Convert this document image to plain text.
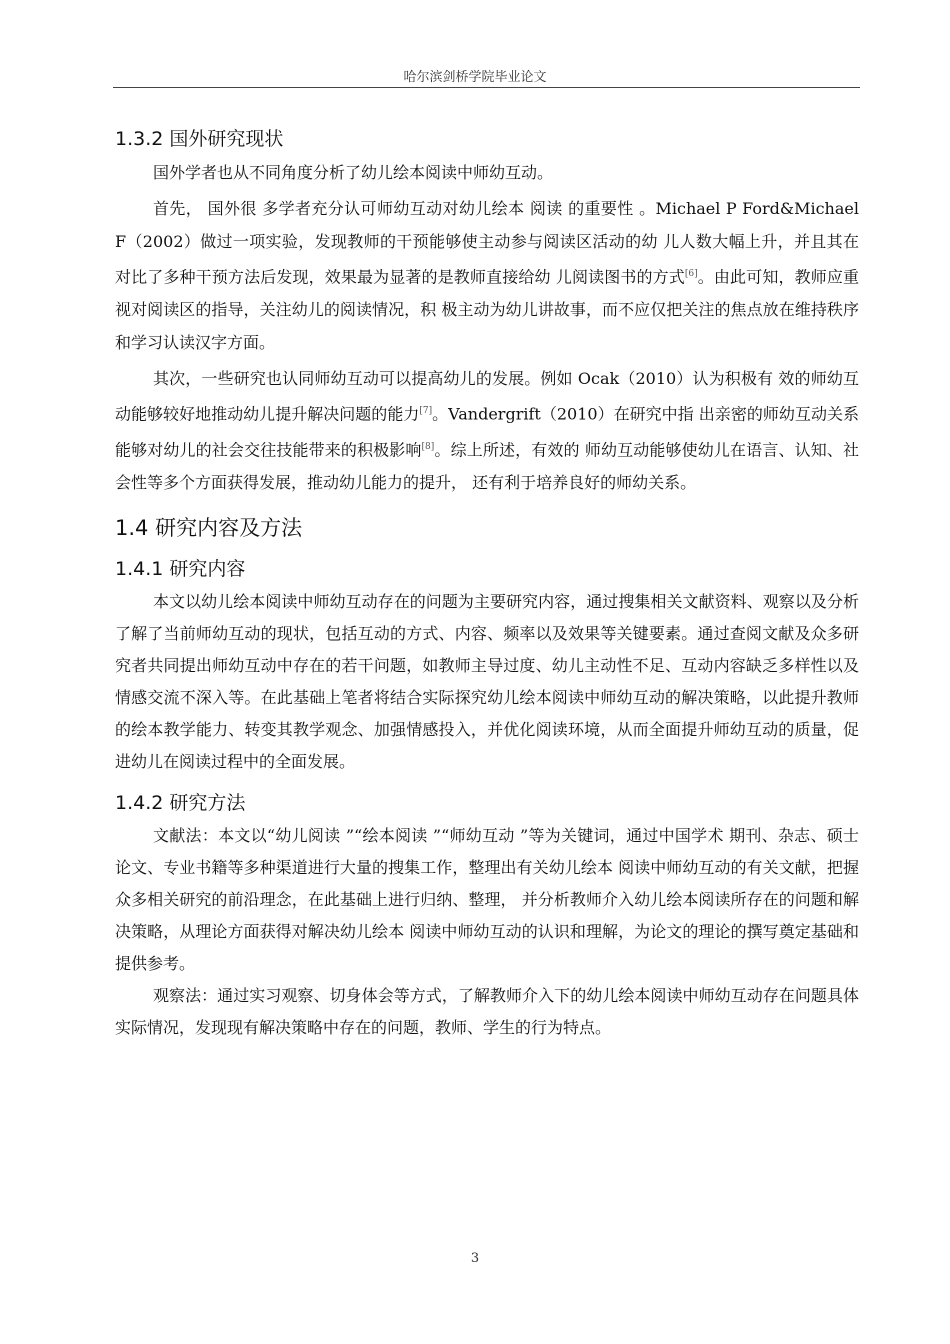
哈尔滨剑桥学院毕业论文
1.3.2 国外研究现状

国外学者也从不同角度分析了幼儿绘本阅读中师幼互动。

首先， 国外很 多学者充分认可师幼互动对幼儿绘本 阅读 的重要性 。Michael P Ford&Michael F（2002）做过一项实验，发现教师的干预能够使主动参与阅读区活动的幼 儿人数大幅上升，并且其在对比了多种干预方法后发现，效果最为显著的是教师直接给幼 儿阅读图书的方式[6]。由此可知，教师应重视对阅读区的指导，关注幼儿的阅读情况，积 极主动为幼儿讲故事，而不应仅把关注的焦点放在维持秩序和学习认读汉字方面。

其次，一些研究也认同师幼互动可以提高幼儿的发展。例如 Ocak（2010）认为积极有 效的师幼互动能够较好地推动幼儿提升解决问题的能力[7]。Vandergrift（2010）在研究中指 出亲密的师幼互动关系能够对幼儿的社会交往技能带来的积极影响[8]。综上所述，有效的 师幼互动能够使幼儿在语言、认知、社会性等多个方面获得发展，推动幼儿能力的提升， 还有利于培养良好的师幼关系。

1.4 研究内容及方法
1.4.1 研究内容

本文以幼儿绘本阅读中师幼互动存在的问题为主要研究内容，通过搜集相关文献资料、观察以及分析了解了当前师幼互动的现状，包括互动的方式、内容、频率以及效果等关键要素。通过查阅文献及众多研究者共同提出师幼互动中存在的若干问题，如教师主导过度、幼儿主动性不足、互动内容缺乏多样性以及情感交流不深入等。在此基础上笔者将结合实际探究幼儿绘本阅读中师幼互动的解决策略，以此提升教师的绘本教学能力、转变其教学观念、加强情感投入，并优化阅读环境，从而全面提升师幼互动的质量，促进幼儿在阅读过程中的全面发展。

1.4.2 研究方法

文献法：本文以“幼儿阅读 ”“绘本阅读 ”“师幼互动 ”等为关键词，通过中国学术 期刊、杂志、硕士论文、专业书籍等多种渠道进行大量的搜集工作，整理出有关幼儿绘本 阅读中师幼互动的有关文献，把握众多相关研究的前沿理念，在此基础上进行归纳、整理， 并分析教师介入幼儿绘本阅读所存在的问题和解决策略，从理论方面获得对解决幼儿绘本 阅读中师幼互动的认识和理解，为论文的理论的撰写奠定基础和提供参考。

观察法：通过实习观察、切身体会等方式，了解教师介入下的幼儿绘本阅读中师幼互动存在问题具体实际情况，发现现有解决策略中存在的问题，教师、学生的行为特点。

3
